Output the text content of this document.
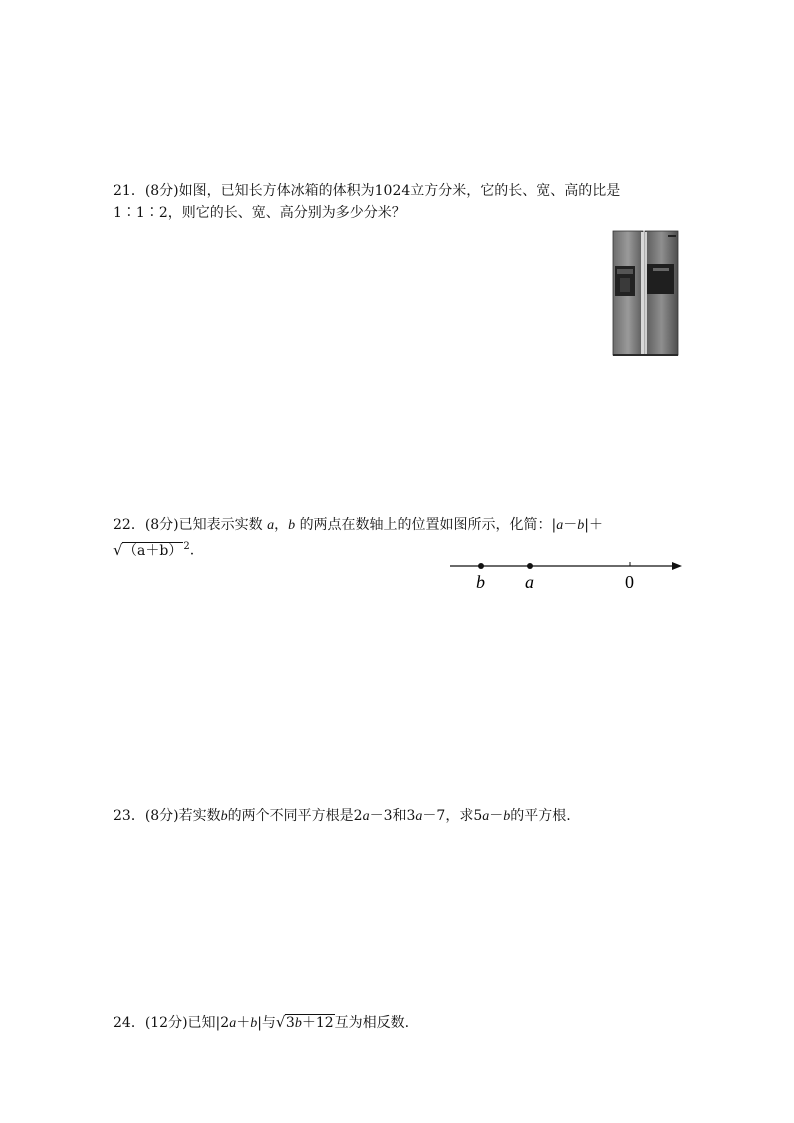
21．(8分)如图，已知长方体冰箱的体积为1024立方分米，它的长、宽、高的比是
1∶1∶2，则它的长、宽、高分别为多少分米？
22．(8分)已知表示实数 a，b 的两点在数轴上的位置如图所示，化简：|a－b|＋
√ $(a+b)^2$.
b a	0
23．(8分)若实数b的两个不同平方根是2a－3和3a－7，求5a－b的平方根.
24．(12分)已知|2a＋b|与 √ 3b＋12互为相反数.
